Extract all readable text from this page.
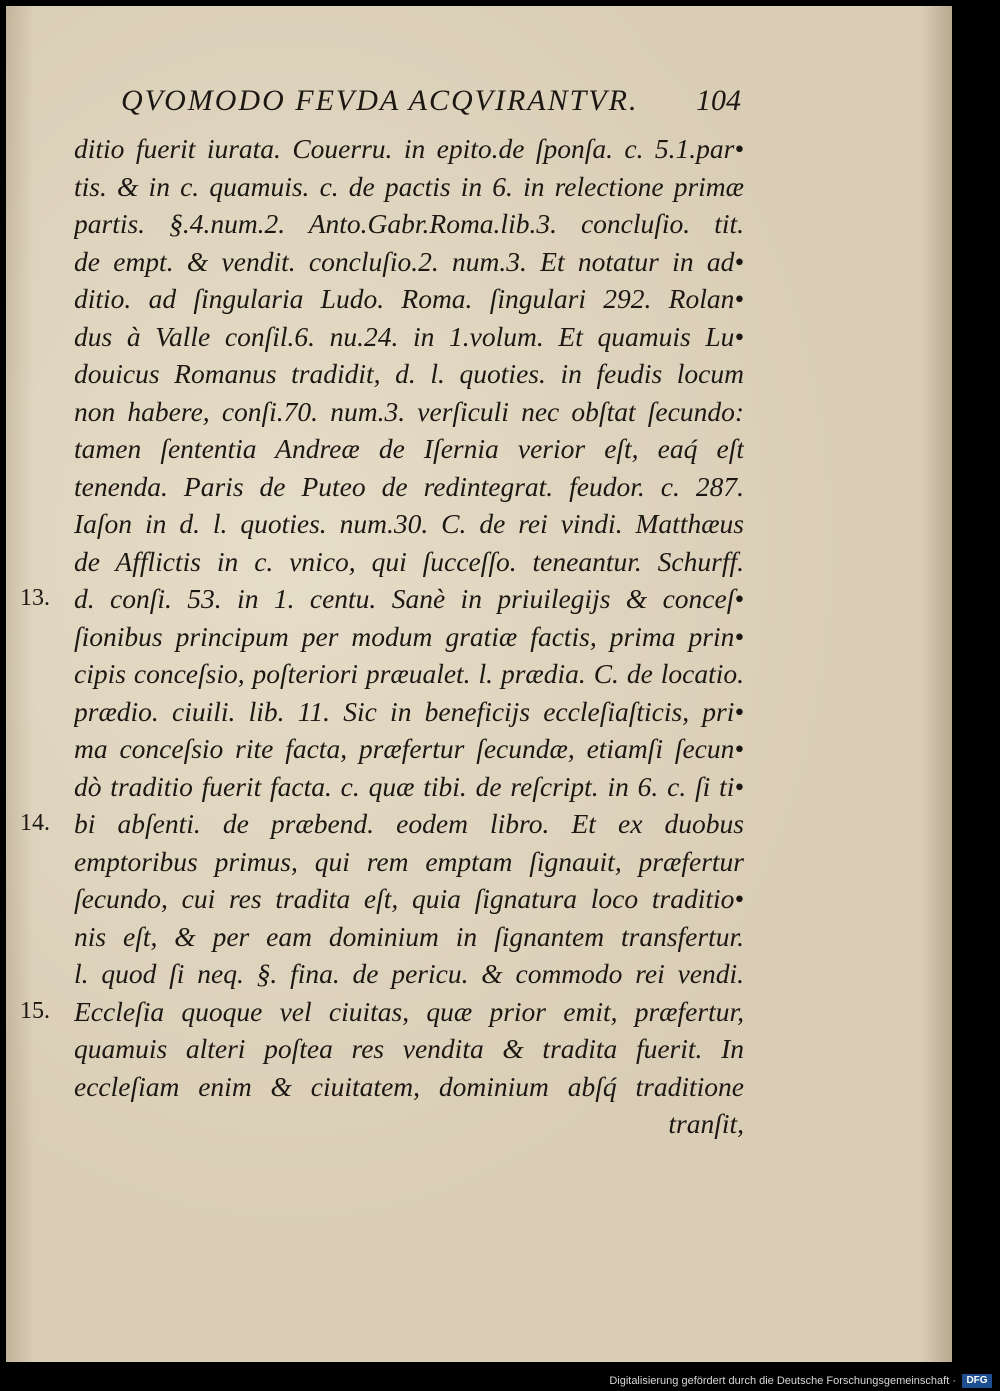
QVOMODO FEVDA ACQVIRANTVR. 104
ditio fuerit iurata. Couerru. in epito.de ſponſa. c. 5.1.par•
tis. & in c. quamuis. c. de pactis in 6. in relectione primæ
partis. §.4.num.2. Anto.Gabr.Roma.lib.3. concluſio. tit.
de empt. & vendit. concluſio.2. num.3. Et notatur in ad•
ditio. ad ſingularia Ludo. Roma. ſingulari 292. Rolan•
dus à Valle conſil.6. nu.24. in 1.volum. Et quamuis Lu•
douicus Romanus tradidit, d. l. quoties. in feudis locum
non habere, conſi.70. num.3. verſiculi nec obſtat ſecundo:
tamen ſententia Andreæ de Iſernia verior eſt, eaq́ eſt
tenenda. Paris de Puteo de redintegrat. feudor. c. 287.
Iaſon in d. l. quoties. num.30. C. de rei vindi. Matthæus
de Afflictis in c. vnico, qui ſucceſſo. teneantur. Schurff.
d. conſi. 53. in 1. centu. Sanè in priuilegijs & conceſ•
ſionibus principum per modum gratiæ factis, prima prin•
cipis conceſsio, poſteriori præualet. l. prædia. C. de locatio.
prædio. ciuili. lib. 11. Sic in beneficijs eccleſiaſticis, pri•
ma conceſsio rite facta, præfertur ſecundæ, etiamſi ſecun•
dò traditio fuerit facta. c. quæ tibi. de reſcript. in 6. c. ſi ti•
bi abſenti. de præbend. eodem libro. Et ex duobus
emptoribus primus, qui rem emptam ſignauit, præfertur
ſecundo, cui res tradita eſt, quia ſignatura loco traditio•
nis eſt, & per eam dominium in ſignantem transfertur.
l. quod ſi neq. §. fina. de pericu. & commodo rei vendi.
Eccleſia quoque vel ciuitas, quæ prior emit, præfertur,
quamuis alteri poſtea res vendita & tradita fuerit. In
eccleſiam enim & ciuitatem, dominium abſq́ traditione
tranſit,
13.
14.
15.
Digitalisierung gefördert durch die Deutsche Forschungsgemeinschaft ·	DFG
